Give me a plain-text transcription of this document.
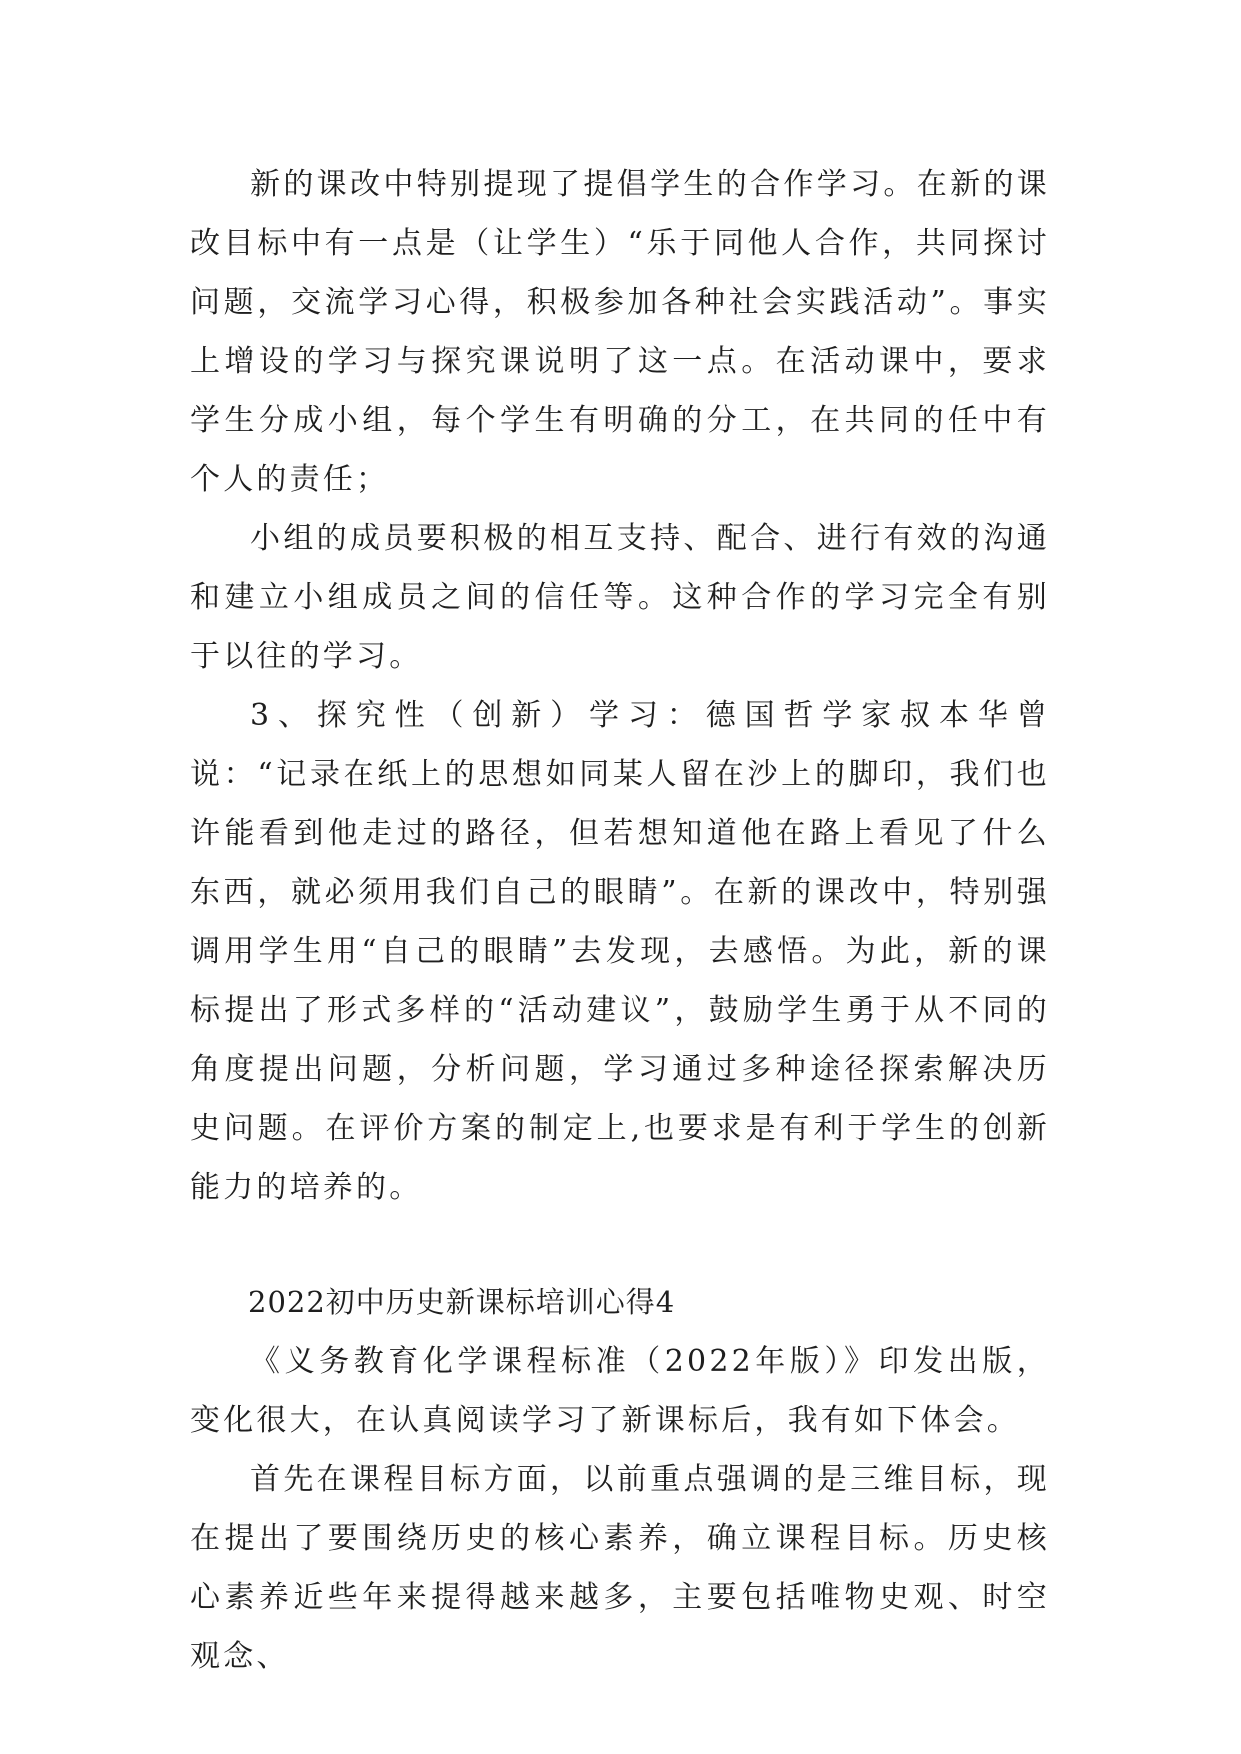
新的课改中特别提现了提倡学生的合作学习。在新的课改目标中有一点是（让学生）“乐于同他人合作，共同探讨问题，交流学习心得，积极参加各种社会实践活动”。事实上增设的学习与探究课说明了这一点。在活动课中，要求学生分成小组，每个学生有明确的分工，在共同的任中有个人的责任；

小组的成员要积极的相互支持、配合、进行有效的沟通和建立小组成员之间的信任等。这种合作的学习完全有别于以往的学习。

3、探究性（创新）学习：德国哲学家叔本华曾说：“记录在纸上的思想如同某人留在沙上的脚印，我们也许能看到他走过的路径，但若想知道他在路上看见了什么东西，就必须用我们自己的眼睛”。在新的课改中，特别强调用学生用“自己的眼睛”去发现，去感悟。为此，新的课标提出了形式多样的“活动建议”，鼓励学生勇于从不同的角度提出问题，分析问题，学习通过多种途径探索解决历史问题。在评价方案的制定上,也要求是有利于学生的创新能力的培养的。

2022初中历史新课标培训心得4

《义务教育化学课程标准（2022年版）》印发出版，变化很大，在认真阅读学习了新课标后，我有如下体会。

首先在课程目标方面，以前重点强调的是三维目标，现在提出了要围绕历史的核心素养，确立课程目标。历史核心素养近些年来提得越来越多，主要包括唯物史观、时空观念、
